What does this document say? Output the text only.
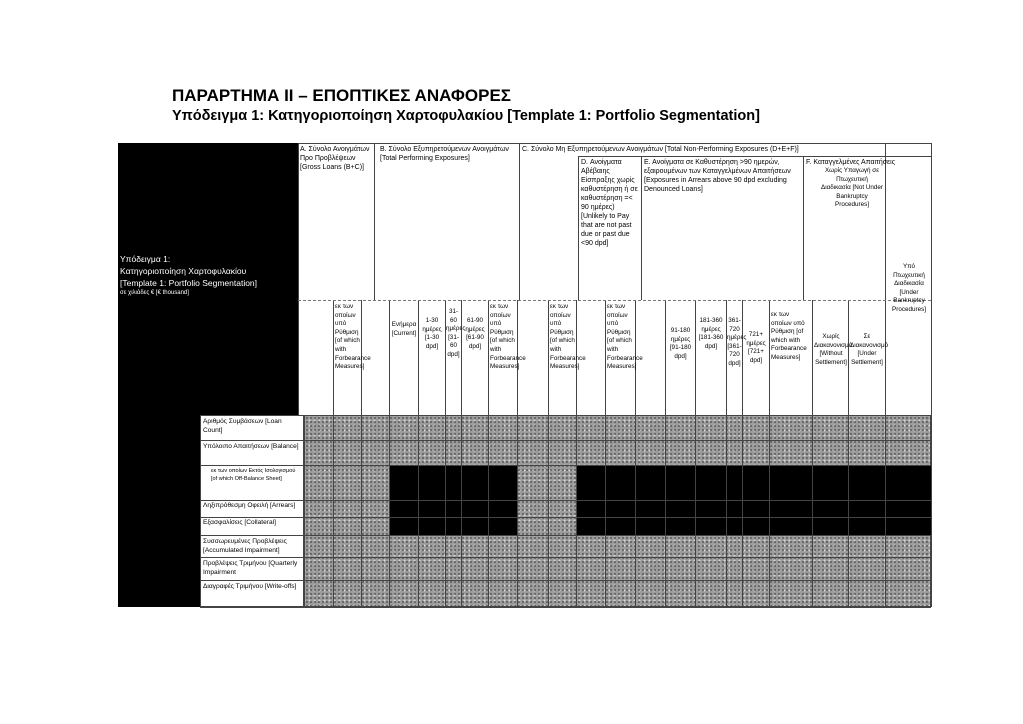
ΠΑΡΑΡΤΗΜΑ ΙΙ – ΕΠΟΠΤΙΚΕΣ ΑΝΑΦΟΡΕΣ
Υπόδειγμα 1: Κατηγοριοποίηση Χαρτοφυλακίου [Template 1: Portfolio Segmentation]
Υπόδειγμα 1:
Κατηγοριοποίηση Χαρτοφυλακίου
[Template 1: Portfolio Segmentation]
σε χιλιάδες € [€ thousand]
Α. Σύνολο Ανοιγμάτων Προ Προβλέψεων [Gross Loans (B+C)]
Β. Σύνολο Εξυπηρετούμενων Ανοιγμάτων [Total Performing Exposures]
C. Σύνολο Μη Εξυπηρετούμενων Ανοιγμάτων [Total Non-Performing Exposures (D+E+F)]
D. Ανοίγματα Αβέβαιης Είσπραξης χωρίς καθυστέρηση ή σε καθυστέρηση =< 90 ημέρες) [Unlikely to Pay that are not past due or past due <90 dpd]
Ε. Ανοίγματα σε Καθυστέρηση >90 ημερών, εξαιρουμένων των Καταγγελμένων Απαιτήσεων [Exposures in Arrears above 90 dpd excluding Denounced Loans]
F. Καταγγελμένες Απαιτήσεις
Χωρίς Υπαγωγή σε Πτωχευτική Διαδικασία [Not Under Bankruptcy Procedures]
Υπό Πτωχευτική Διαδικασία [Under Bankruptcy Procedures]
εκ των οποίων υπό Ρύθμιση [of which with Forbearance Measures]
Ενήμερα [Current]
1-30 ημέρες [1-30 dpd]
31-60 ημέρες [31-60 dpd]
61-90 ημέρες [61-90 dpd]
εκ των οποίων υπό Ρύθμιση [of which with Forbearance Measures]
εκ των οποίων υπό Ρύθμιση [of which with Forbearance Measures]
εκ των οποίων υπό Ρύθμιση [of which with Forbearance Measures]
91-180 ημέρες [91-180 dpd]
181-360 ημέρες [181-360 dpd]
361-720 ημέρες [361-720 dpd]
721+ ημέρες [721+ dpd]
εκ των οποίων υπό Ρύθμιση [of which with Forbearance Measures]
Χωρίς Διακανονισμό [Without Settlement]
Σε Διακανονισμό [Under Settlement]
Αριθμός Συμβάσεων [Loan Count]
Υπόλοιπο Απαιτήσεων [Balance]
εκ των οποίων Εκτός Ισολογισμού [of which Off-Balance Sheet]
Ληξιπρόθεσμη Οφειλή [Arrears]
Εξασφαλίσεις [Collateral]
Συσσωρευμένες Προβλέψεις [Accumulated Impairment]
Προβλέψεις Τριμήνου [Quarterly Impairment
Διαγραφές Τριμήνου [Write-offs]
